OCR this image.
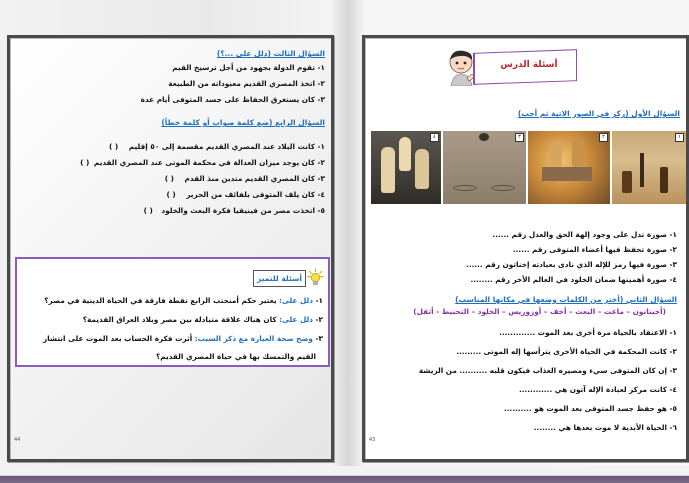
السؤال الثالث (دلل على ...؟)
١- تقوم الدولة بجهود من أجل ترسيخ القيم
٢- اتخذ المصري القديم معبوداته من الطبيعة
٣- كان يستغرق الحفاظ على جسد المتوفى أيام عدة
السؤال الرابع (ضع كلمة صواب أو كلمة خطأ)
١- كانت البلاد عند المصري القديم مقسمة إلى ٥٠ إقليم ( )
٢- كان يوجد ميزان العدالة في محكمة الموتى عند المصري القديم ( )
٣- كان المصري القديم متدين منذ القدم ( )
٤- كان يلف المتوفى بلفائف من الحرير ( )
٥- اتخذت مصر من فينيقيا فكرة البعث والخلود ( )
أسئلة للتميز
١- دلل على: يعتبر حكم أمنحتب الرابع نقطة فارقة في الحياة الدينية في مصر؟
٢- دلل على: كان هناك علاقة متبادلة بين مصر وبلاد العراق القديمة؟
٣- وضح صحة العبارة مع ذكر السبب: أثرت فكرة الحساب بعد الموت على انتشار
القيم والتمسك بها في حياة المصري القديم؟
44
أسئلة الدرس
السؤال الأول (ركز في الصور الاتية ثم أجب)
١
٢
٣
٤
١- صورة تدل على وجود إلهة الحق والعدل رقم ......
٢- صورة تحفظ فيها أعضاء المتوفى رقم ......
٣- صورة فيها رمز للإله الذي نادى بعبادته إخناتون رقم ......
٤- صورة أهميتها ضمان الخلود في العالم الأخر رقم ........
السؤال الثاني (أختر من الكلمات وضعها في مكانها المناسب)
(أخيتاتون – ماعت – البعث – أخف – أوزوريس – الخلود – التحنيط - أثقل)
١- الاعتقاد بالحياة مرة أخرى بعد الموت .............
٢- كانت المحكمة في الحياة الأخرى يترأسها إله الموتى .........
٣- إن كان المتوفى سيء ومصيره العذاب فيكون قلبه .......... من الريشة
٤- كانت مركز لعبادة الإله آتون هي ............
٥- هو حفظ جسد المتوفى بعد الموت هو ..........
٦- الحياة الأبدية لا موت بعدها هي ........
43
